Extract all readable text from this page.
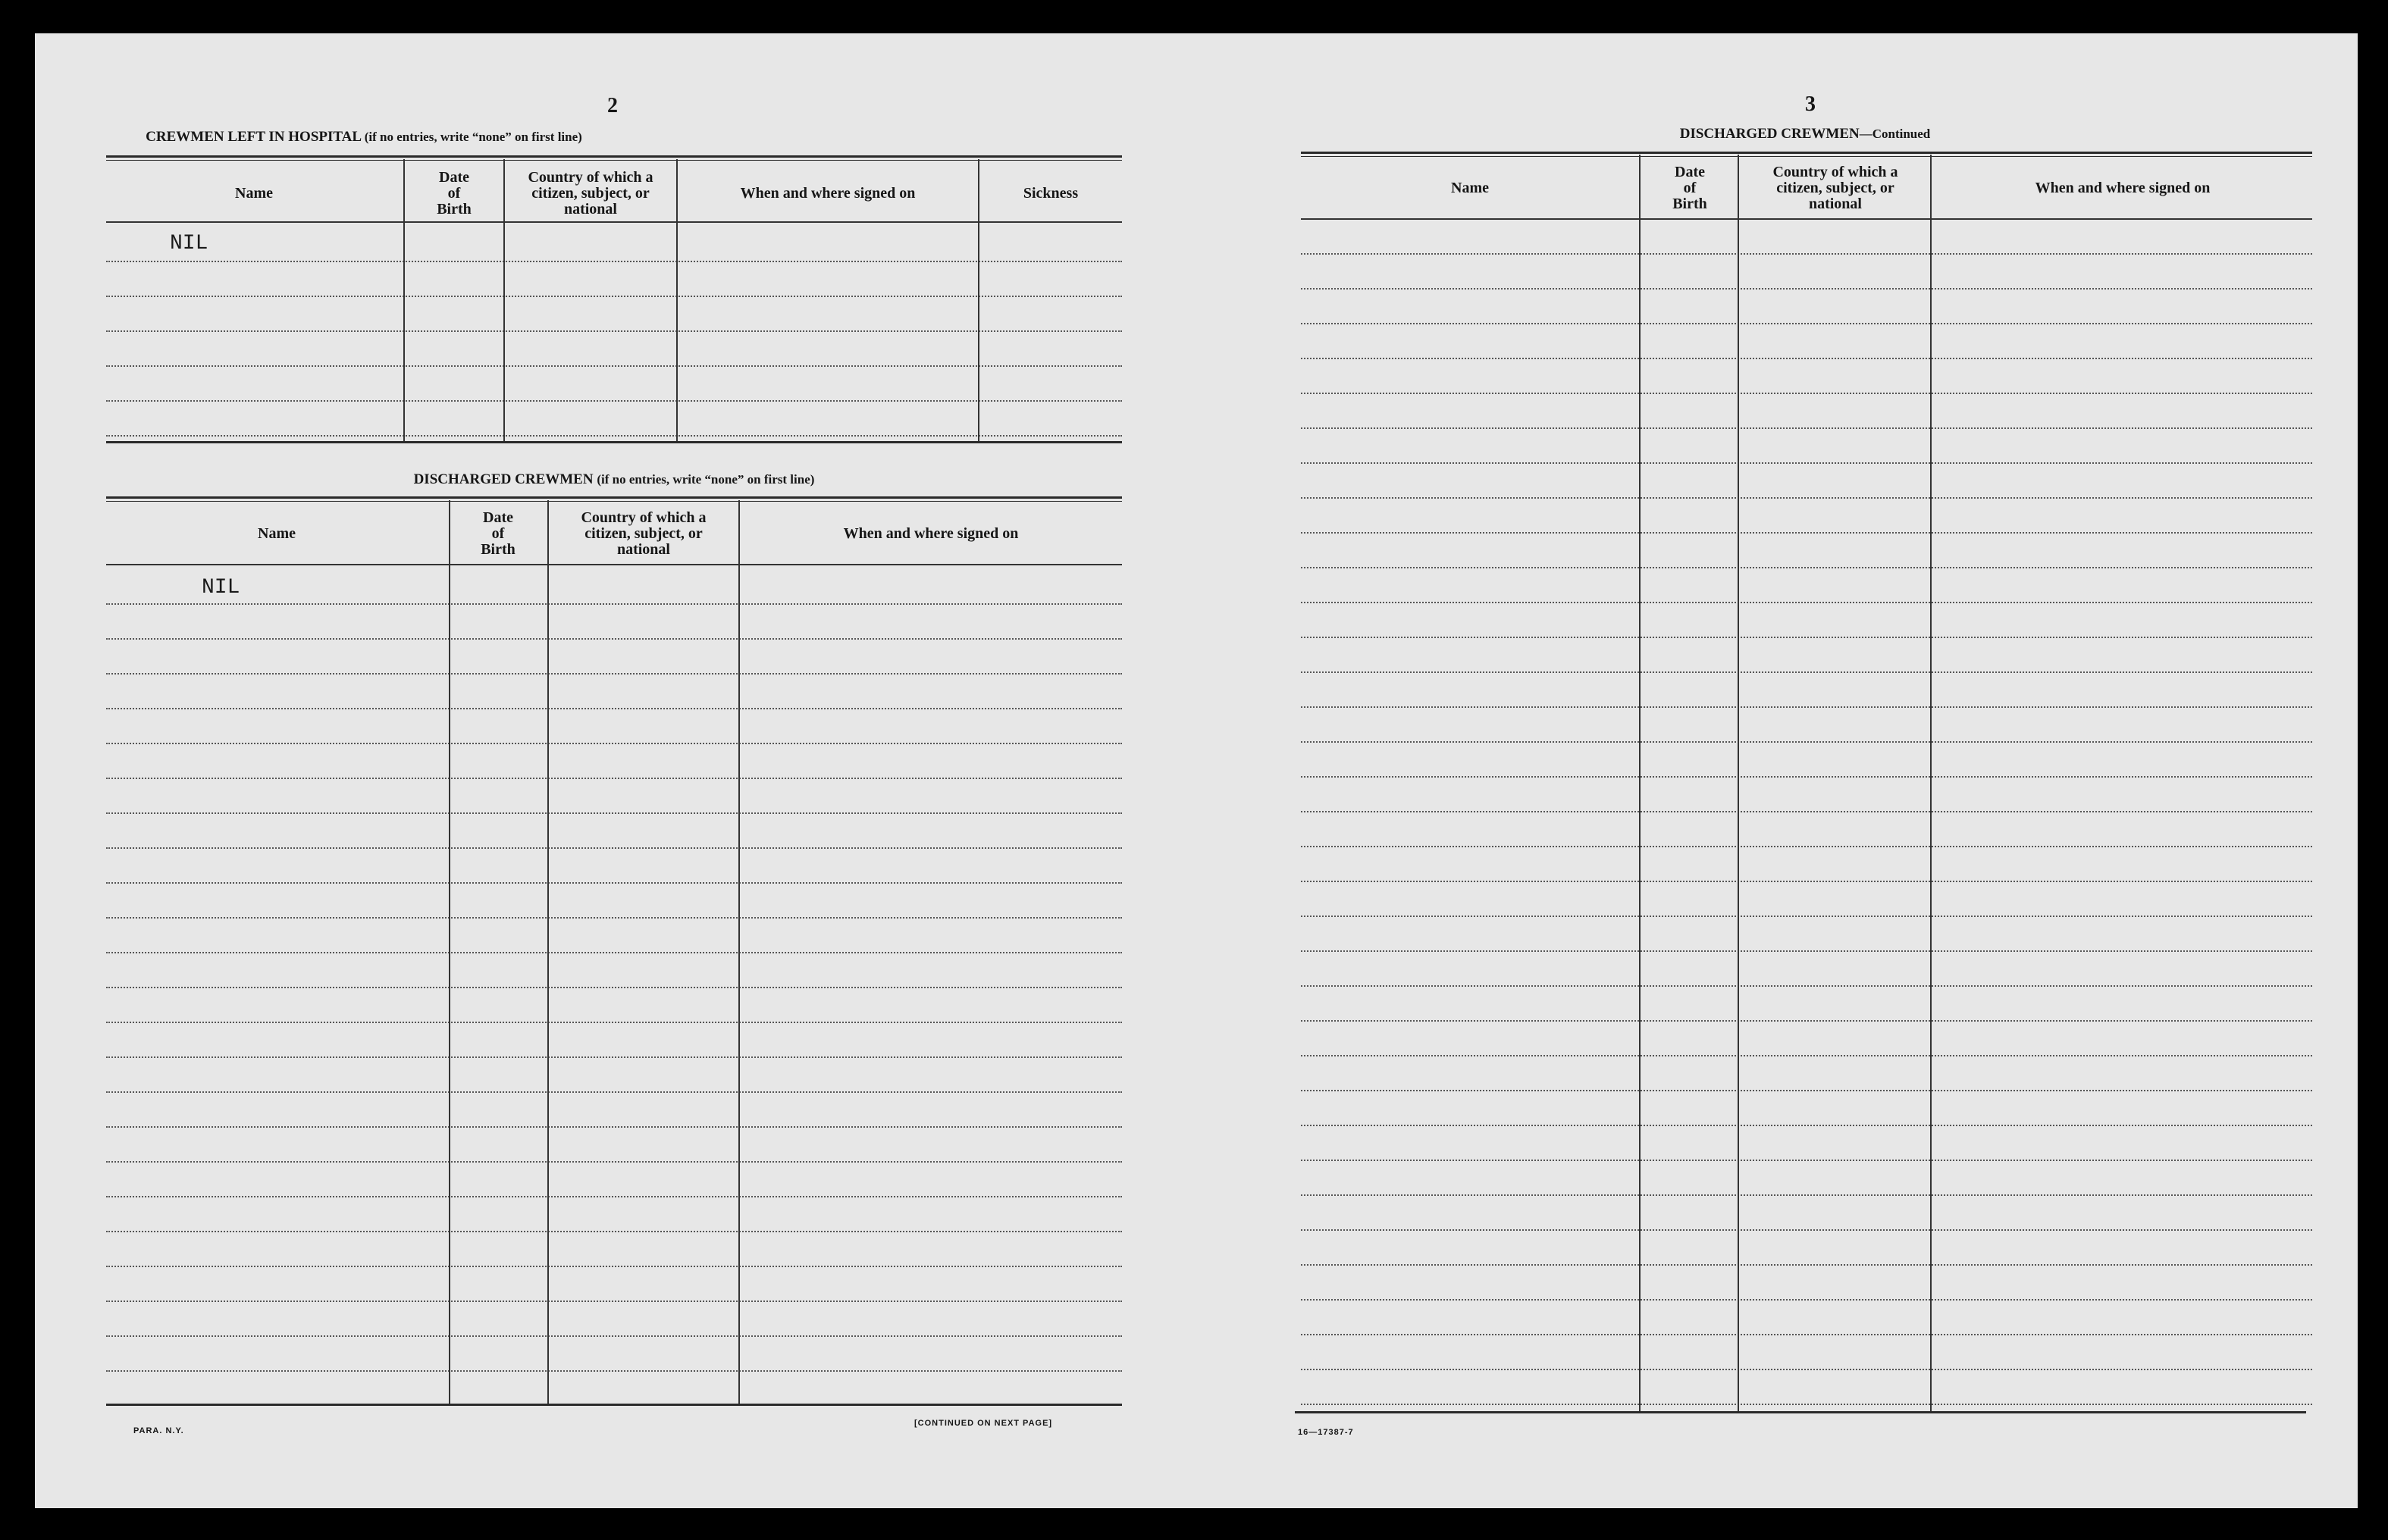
2
CREWMEN LEFT IN HOSPITAL (if no entries, write “none” on first line)
Name
Date
of
Birth
Country of which a
citizen, subject, or
national
When and where signed on	Sickness
NIL
DISCHARGED CREWMEN (if no entries, write “none” on first line)
Name
Date
of
Birth
Country of which a
citizen, subject, or
national
When and where signed on
NIL
PARA. N.Y.
[CONTINUED ON NEXT PAGE]
3
DISCHARGED CREWMEN—Continued
Name
Date
of
Birth
Country of which a
citizen, subject, or
national
When and where signed on
16—17387-7
